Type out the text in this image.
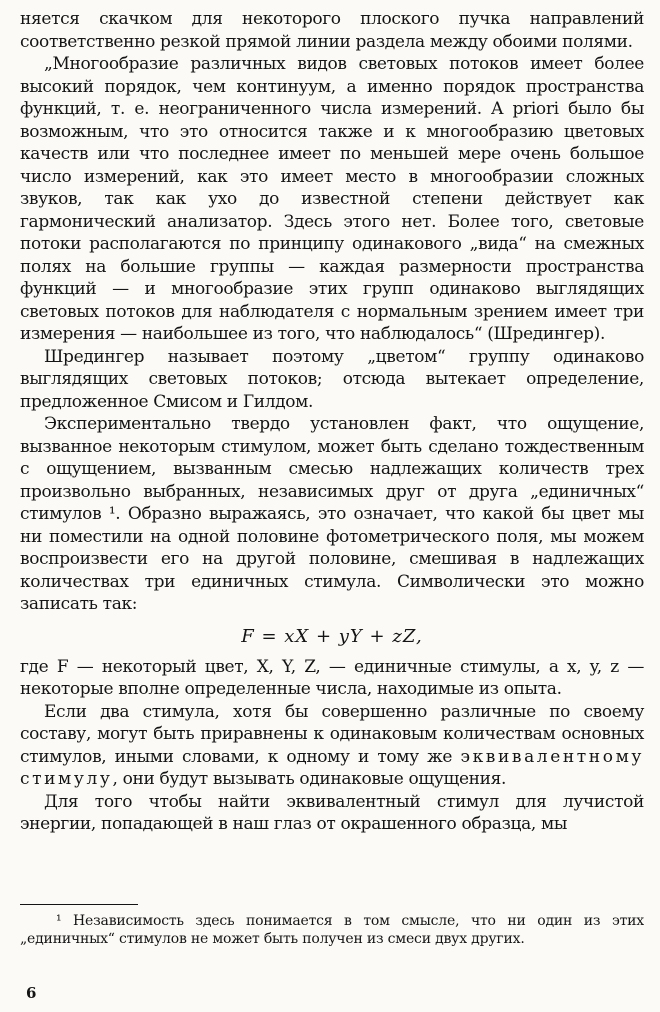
няется скачком для некоторого плоского пучка направлений соответственно резкой прямой линии раздела между обоими полями.

„Многообразие различных видов световых потоков имеет более высокий порядок, чем континуум, а именно порядок пространства функций, т. е. неограниченного числа измерений. A priori было бы возможным, что это относится также и к многообразию цветовых качеств или что последнее имеет по меньшей мере очень большое число измерений, как это имеет место в многообразии сложных звуков, так как ухо до известной степени действует как гармонический анализатор. Здесь этого нет. Более того, световые потоки располагаются по принципу одинакового „вида“ на смежных полях на большие группы — каждая размерности пространства функций — и многообразие этих групп одинаково выглядящих световых потоков для наблюдателя с нормальным зрением имеет три измерения — наибольшее из того, что наблюдалось“ (Шредингер).

Шредингер называет поэтому „цветом“ группу одинаково выглядящих световых потоков; отсюда вытекает определение, предложенное Смисом и Гилдом.

Экспериментально твердо установлен факт, что ощущение, вызванное некоторым стимулом, может быть сделано тождественным с ощущением, вызванным смесью надлежащих количеств трех произвольно выбранных, независимых друг от друга „единичных“ стимулов ¹. Образно выражаясь, это означает, что какой бы цвет мы ни поместили на одной половине фотометрического поля, мы можем воспроизвести его на другой половине, смешивая в надлежащих количествах три единичных стимула. Символически это можно записать так:

F = xX + yY + zZ,

где F — некоторый цвет, X, Y, Z, — единичные стимулы, а x, y, z — некоторые вполне определенные числа, находимые из опыта.

Если два стимула, хотя бы совершенно различные по своему составу, могут быть приравнены к одинаковым количествам основных стимулов, иными словами, к одному и тому же эквивалентному стимулу, они будут вызывать одинаковые ощущения.

Для того чтобы найти эквивалентный стимул для лучистой энергии, попадающей в наш глаз от окрашенного образца, мы

¹ Независимость здесь понимается в том смысле, что ни один из этих „единичных“ стимулов не может быть получен из смеси двух других.
6
